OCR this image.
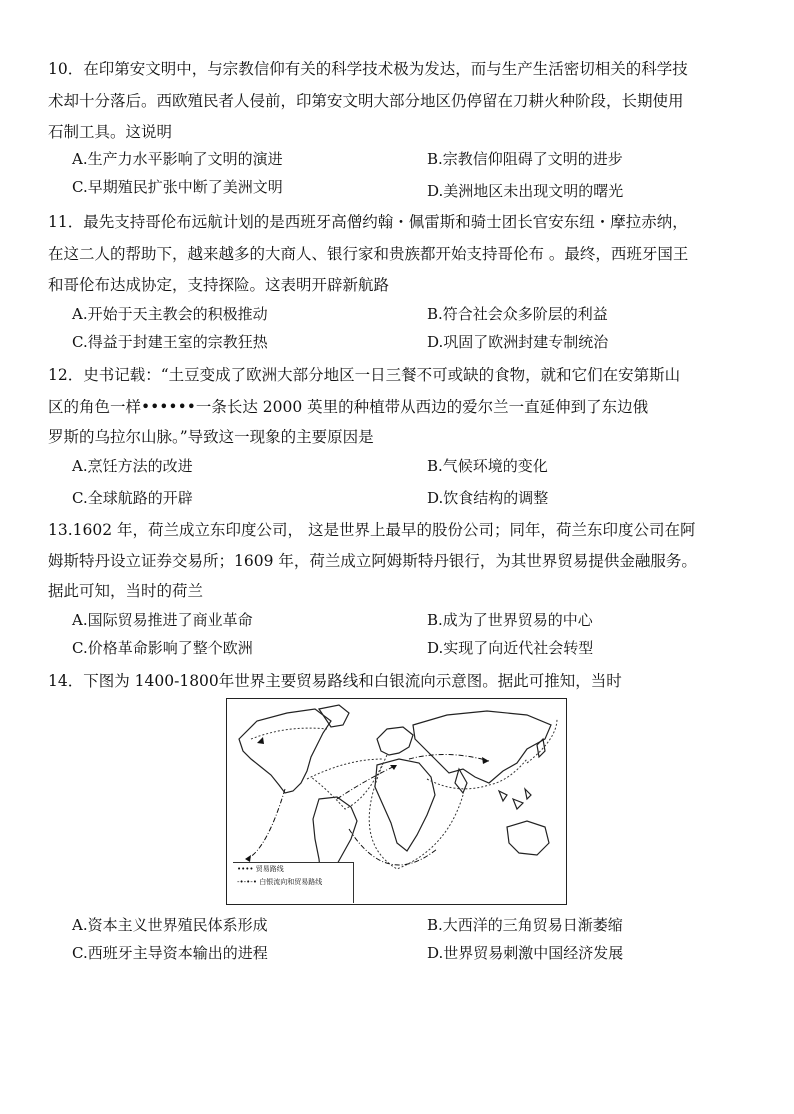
10．在印第安文明中，与宗教信仰有关的科学技术极为发达，而与生产生活密切相关的科学技
术却十分落后。西欧殖民者人侵前，印第安文明大部分地区仍停留在刀耕火种阶段，长期使用
石制工具。这说明
A.生产力水平影响了文明的演进	B.宗教信仰阻碍了文明的进步
C.早期殖民扩张中断了美洲文明	D.美洲地区未出现文明的曙光
11．最先支持哥伦布远航计划的是西班牙高僧约翰・佩雷斯和骑士团长官安东纽・摩拉赤纳，
在这二人的帮助下，越来越多的大商人、银行家和贵族都开始支持哥伦布 。最终，西班牙国王
和哥伦布达成协定，支持探险。这表明开辟新航路
A.开始于天主教会的积极推动	B.符合社会众多阶层的利益
C.得益于封建王室的宗教狂热	D.巩固了欧洲封建专制统治
12．史书记载：“土豆变成了欧洲大部分地区一日三餐不可或缺的食物，就和它们在安第斯山
区的角色一样••••••一条长达 2000 英里的种植带从西边的爱尔兰一直延伸到了东边俄
罗斯的乌拉尔山脉。”导致这一现象的主要原因是
A.烹饪方法的改进	B.气候环境的变化
C.全球航路的开辟	D.饮食结构的调整
13.1602 年，荷兰成立东印度公司， 这是世界上最早的股份公司；同年，荷兰东印度公司在阿
姆斯特丹设立证券交易所；1609 年，荷兰成立阿姆斯特丹银行，为其世界贸易提供金融服务。
据此可知，当时的荷兰
A.国际贸易推进了商业革命	B.成为了世界贸易的中心
C.价格革命影响了整个欧洲	D.实现了向近代社会转型
14．下图为 1400-1800年世界主要贸易路线和白银流向示意图。据此可推知，当时
•••• 贸易路线
-•-•-• 白银流向和贸易路线
A.资本主义世界殖民体系形成	B.大西洋的三角贸易日渐萎缩
C.西班牙主导资本输出的进程	D.世界贸易刺激中国经济发展
